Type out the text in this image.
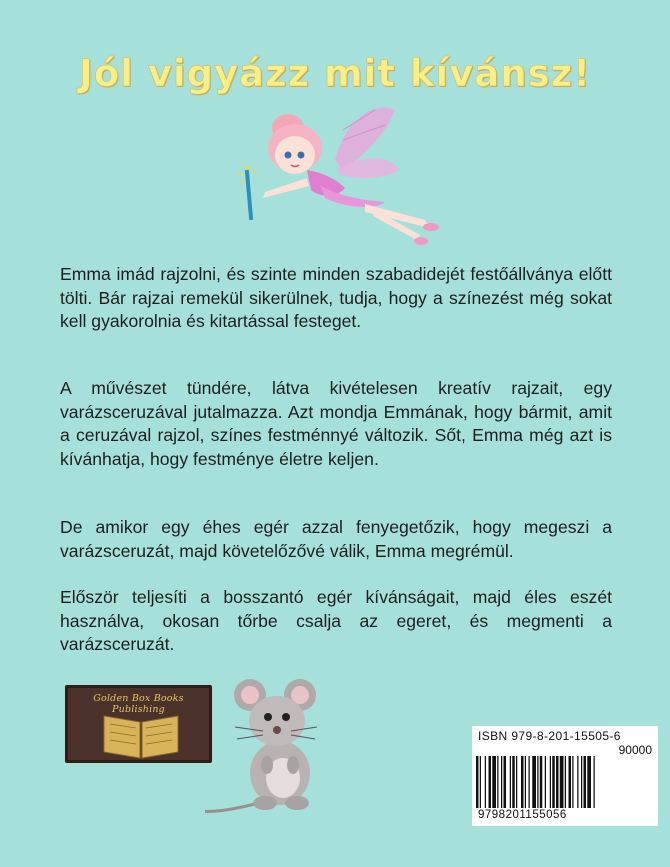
Jól vigyázz mit kívánsz!

Emma imád rajzolni, és szinte minden szabadidejét festőállványa előtt tölti. Bár rajzai remekül sikerülnek, tudja, hogy a színezést még sokat kell gyakorolnia és kitartással festeget.

A művészet tündére, látva kivételesen kreatív rajzait, egy varázsceruzával jutalmazza. Azt mondja Emmának, hogy bármit, amit a ceruzával rajzol, színes festménnyé változik. Sőt, Emma még azt is kívánhatja, hogy festménye életre keljen.

De amikor egy éhes egér azzal fenyegetőzik, hogy megeszi a varázsceruzát, majd követelőzővé válik, Emma megrémül.

Először teljesíti a bosszantó egér kívánságait, majd éles eszét használva, okosan tőrbe csalja az egeret, és megmenti a varázsceruzát.

Golden Box Books Publishing
ISBN 979-8-201-15505-6
90000
9798201155056
